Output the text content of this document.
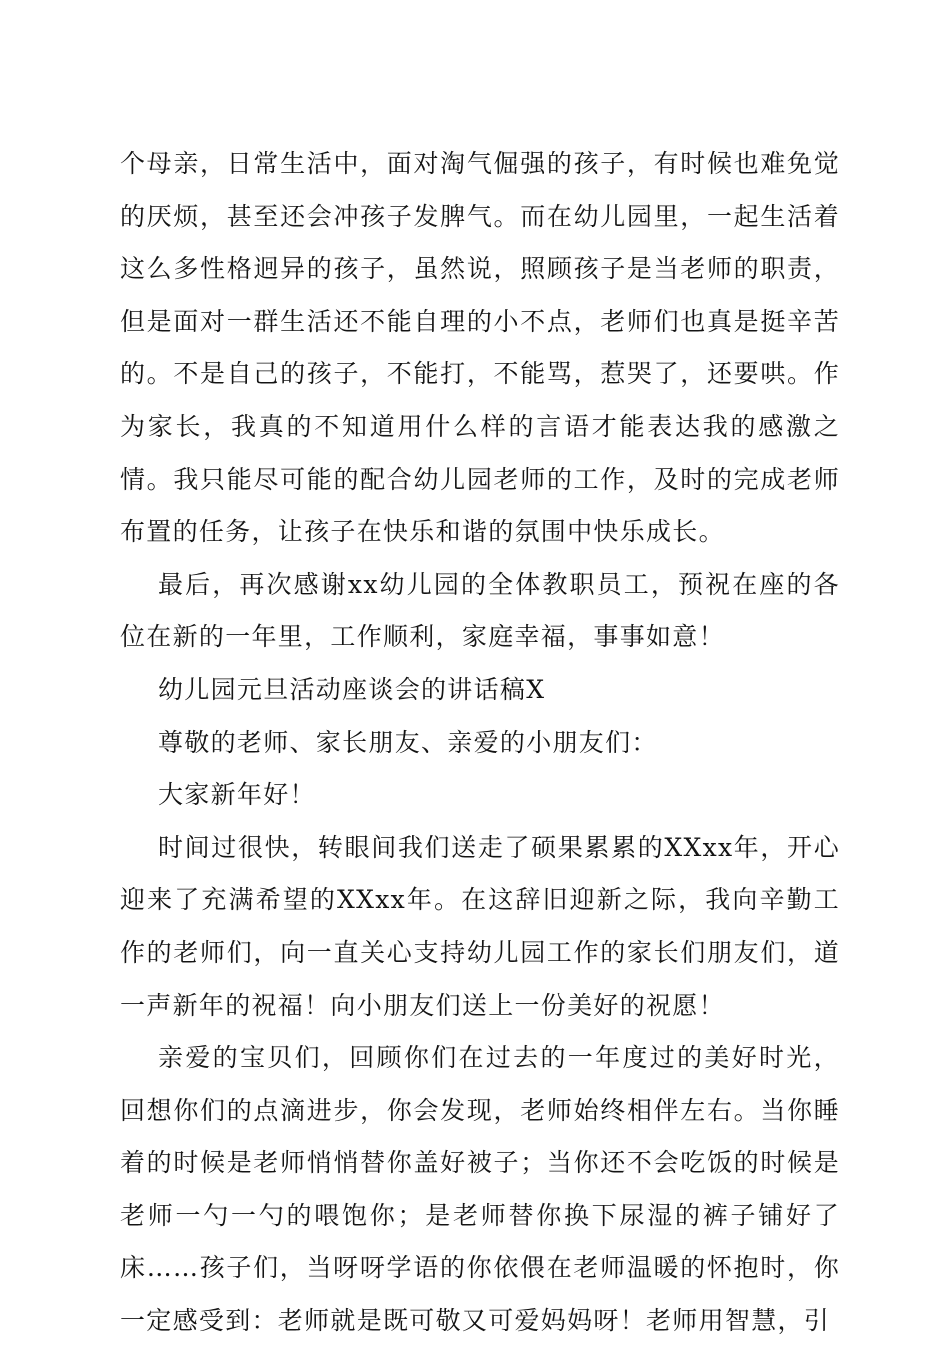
个母亲，日常生活中，面对淘气倔强的孩子，有时候也难免觉的厌烦，甚至还会冲孩子发脾气。而在幼儿园里，一起生活着这么多性格迥异的孩子，虽然说，照顾孩子是当老师的职责，但是面对一群生活还不能自理的小不点，老师们也真是挺辛苦的。不是自己的孩子，不能打，不能骂，惹哭了，还要哄。作为家长，我真的不知道用什么样的言语才能表达我的感激之情。我只能尽可能的配合幼儿园老师的工作，及时的完成老师布置的任务，让孩子在快乐和谐的氛围中快乐成长。

最后，再次感谢xx幼儿园的全体教职员工，预祝在座的各位在新的一年里，工作顺利，家庭幸福，事事如意！

幼儿园元旦活动座谈会的讲话稿X

尊敬的老师、家长朋友、亲爱的小朋友们：

大家新年好！

时间过很快，转眼间我们送走了硕果累累的XXxx年，开心迎来了充满希望的XXxx年。在这辞旧迎新之际，我向辛勤工作的老师们，向一直关心支持幼儿园工作的家长们朋友们，道一声新年的祝福！向小朋友们送上一份美好的祝愿！

亲爱的宝贝们，回顾你们在过去的一年度过的美好时光，回想你们的点滴进步，你会发现，老师始终相伴左右。当你睡着的时候是老师悄悄替你盖好被子；当你还不会吃饭的时候是老师一勺一勺的喂饱你；是老师替你换下尿湿的裤子铺好了床……孩子们，当呀呀学语的你依偎在老师温暖的怀抱时，你一定感受到：老师就是既可敬又可爱妈妈呀！老师用智慧，引
